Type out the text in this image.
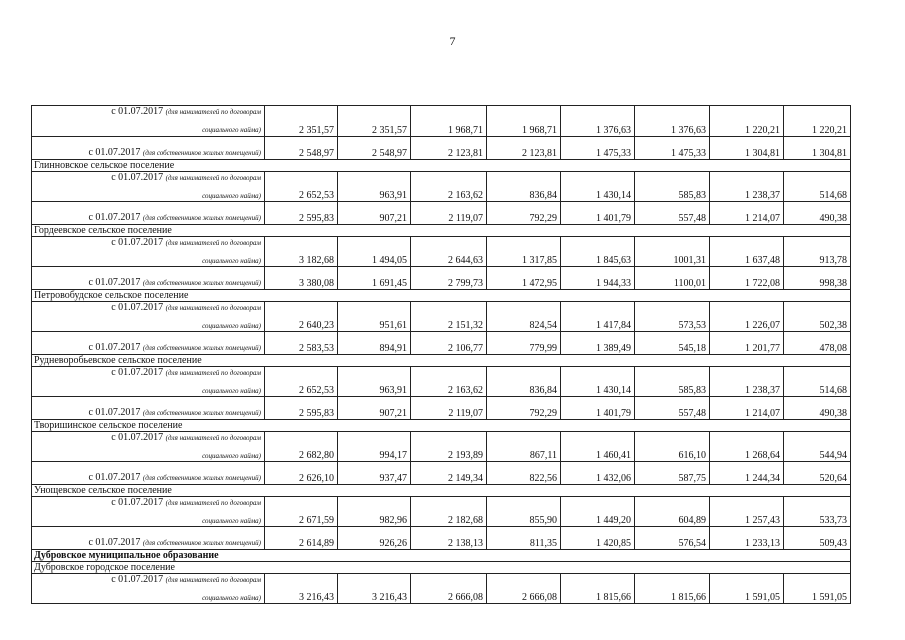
7
с 01.07.2017 (для нанимателей по договорам
социального найма)	2 351,57	2 351,57	1 968,71	1 968,71	1 376,63	1 376,63	1 220,21	1 220,21
с 01.07.2017 (для собственников жилых помещений)	2 548,97	2 548,97	2 123,81	2 123,81	1 475,33	1 475,33	1 304,81	1 304,81
Глинновское сельское поселение								

с 01.07.2017 (для нанимателей по договорам
социального найма)	2 652,53	963,91	2 163,62	836,84	1 430,14	585,83	1 238,37	514,68
с 01.07.2017 (для собственников жилых помещений)	2 595,83	907,21	2 119,07	792,29	1 401,79	557,48	1 214,07	490,38
Гордеевское сельское поселение								

с 01.07.2017 (для нанимателей по договорам
социального найма)	3 182,68	1 494,05	2 644,63	1 317,85	1 845,63	1001,31	1 637,48	913,78
с 01.07.2017 (для собственников жилых помещений)	3 380,08	1 691,45	2 799,73	1 472,95	1 944,33	1100,01	1 722,08	998,38
Петровобудское сельское поселение								

с 01.07.2017 (для нанимателей по договорам
социального найма)	2 640,23	951,61	2 151,32	824,54	1 417,84	573,53	1 226,07	502,38
с 01.07.2017 (для собственников жилых помещений)	2 583,53	894,91	2 106,77	779,99	1 389,49	545,18	1 201,77	478,08
Рудневоробьевское сельское поселение								

с 01.07.2017 (для нанимателей по договорам
социального найма)	2 652,53	963,91	2 163,62	836,84	1 430,14	585,83	1 238,37	514,68
с 01.07.2017 (для собственников жилых помещений)	2 595,83	907,21	2 119,07	792,29	1 401,79	557,48	1 214,07	490,38
Творишинское сельское поселение								

с 01.07.2017 (для нанимателей по договорам
социального найма)	2 682,80	994,17	2 193,89	867,11	1 460,41	616,10	1 268,64	544,94
с 01.07.2017 (для собственников жилых помещений)	2 626,10	937,47	2 149,34	822,56	1 432,06	587,75	1 244,34	520,64
Унощевское сельское поселение								

с 01.07.2017 (для нанимателей по договорам
социального найма)	2 671,59	982,96	2 182,68	855,90	1 449,20	604,89	1 257,43	533,73
с 01.07.2017 (для собственников жилых помещений)	2 614,89	926,26	2 138,13	811,35	1 420,85	576,54	1 233,13	509,43
Дубровское муниципальное образование								
Дубровское городское поселение								

с 01.07.2017 (для нанимателей по договорам
социального найма)	3 216,43	3 216,43	2 666,08	2 666,08	1 815,66	1 815,66	1 591,05	1 591,05
